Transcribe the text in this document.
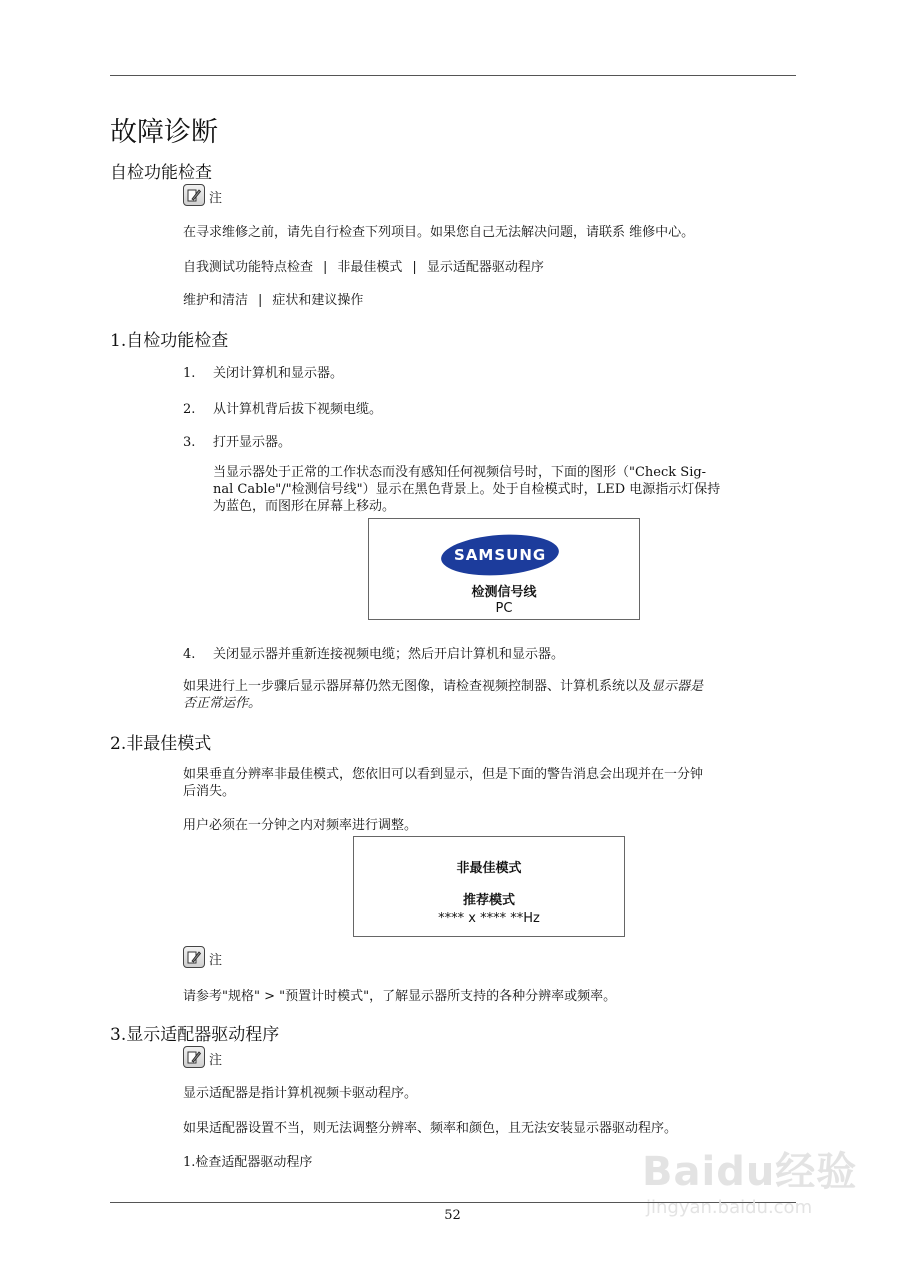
故障诊断
自检功能检查
注

在寻求维修之前，请先自行检查下列项目。如果您自己无法解决问题，请联系 维修中心。

自我测试功能特点检查 | 非最佳模式 | 显示适配器驱动程序
维护和清洁 | 症状和建议操作
1.自检功能检查
1. 关闭计算机和显示器。
2. 从计算机背后拔下视频电缆。
3. 打开显示器。
当显示器处于正常的工作状态而没有感知任何视频信号时，下面的图形（"Check Sig-
nal Cable"/"检测信号线"）显示在黑色背景上。处于自检模式时，LED 电源指示灯保持
为蓝色，而图形在屏幕上移动。
SAMSUNG
检测信号线
PC
4. 关闭显示器并重新连接视频电缆；然后开启计算机和显示器。
如果进行上一步骤后显示器屏幕仍然无图像，请检查视频控制器、计算机系统以及显示器是
否正常运作。
2.非最佳模式
如果垂直分辨率非最佳模式，您依旧可以看到显示，但是下面的警告消息会出现并在一分钟
后消失。

用户必须在一分钟之内对频率进行调整。

非最佳模式
推荐模式
**** x **** **Hz
注

请参考"规格" > "预置计时模式"，了解显示器所支持的各种分辨率或频率。

3.显示适配器驱动程序
注

显示适配器是指计算机视频卡驱动程序。

如果适配器设置不当，则无法调整分辨率、频率和颜色，且无法安装显示器驱动程序。

1.检查适配器驱动程序

52
Baidu经验
jingyan.baidu.com
